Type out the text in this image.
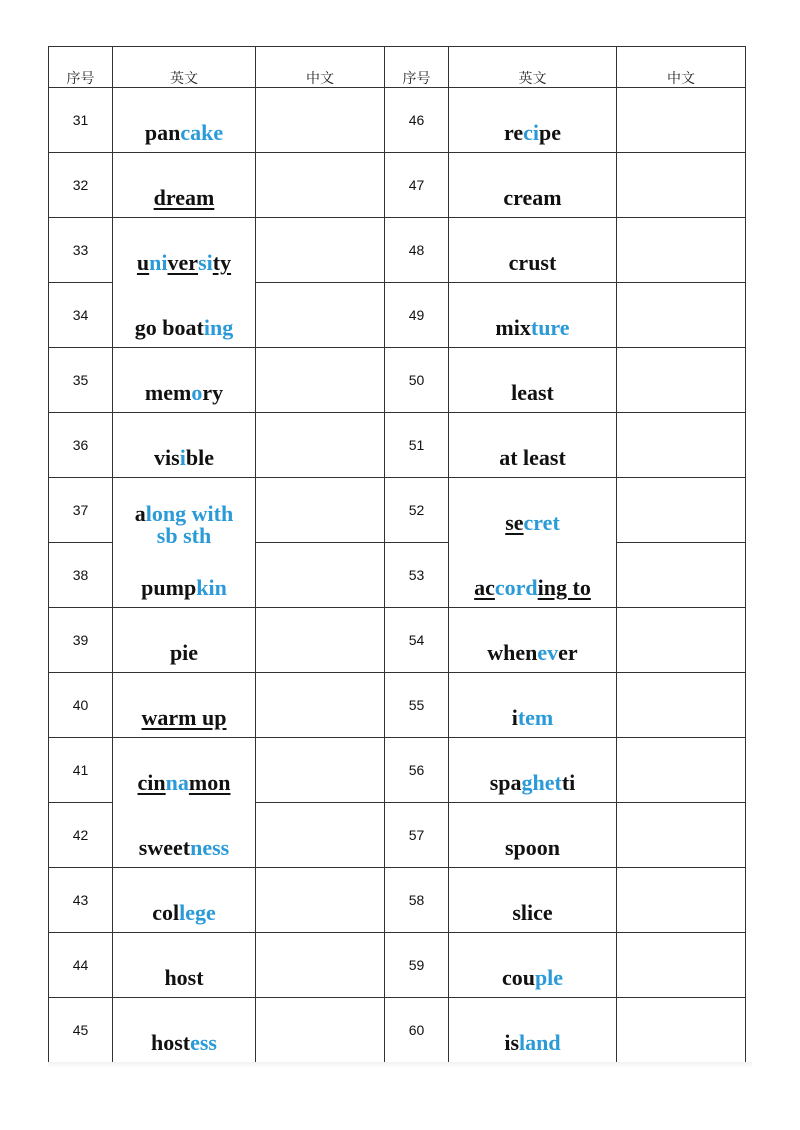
序号	英文	中文	序号	英文	中文

31	pancake		46	recipe	

32	dream		47	cream	

33	university		48	crust	

34	go boating		49	mixture	

35	memory		50	least	

36	visible		51	at least	

37	along with sb sth		52	secret	

38	pumpkin		53	according to	

39	pie		54	whenever	

40	warm up		55	item	

41	cinnamon		56	spaghetti	

42	sweetness		57	spoon	

43	college		58	slice	

44	host		59	couple	

45	hostess		60	island	
